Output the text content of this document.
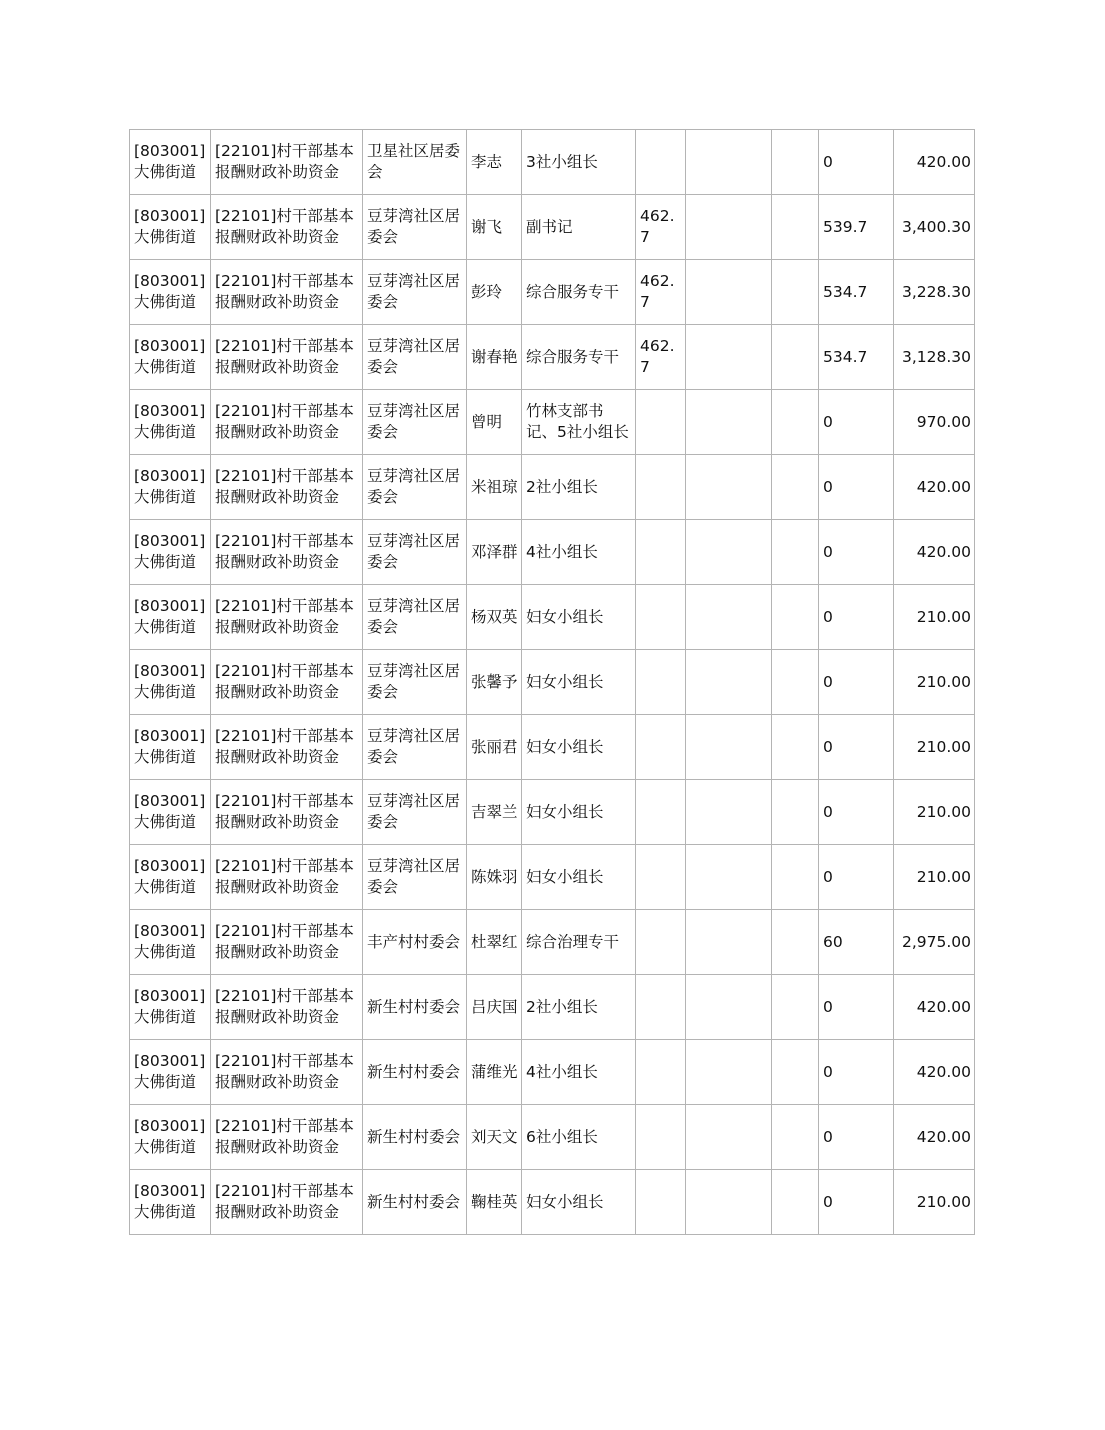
[803001]大佛街道	[22101]村干部基本报酬财政补助资金	卫星社区居委会	李志	3社小组长				0	420.00
[803001]大佛街道	[22101]村干部基本报酬财政补助资金	豆芽湾社区居委会	谢飞	副书记	462.7			539.7	3,400.30
[803001]大佛街道	[22101]村干部基本报酬财政补助资金	豆芽湾社区居委会	彭玲	综合服务专干	462.7			534.7	3,228.30
[803001]大佛街道	[22101]村干部基本报酬财政补助资金	豆芽湾社区居委会	谢春艳	综合服务专干	462.7			534.7	3,128.30
[803001]大佛街道	[22101]村干部基本报酬财政补助资金	豆芽湾社区居委会	曾明	竹林支部书记、5社小组长				0	970.00
[803001]大佛街道	[22101]村干部基本报酬财政补助资金	豆芽湾社区居委会	米祖琼	2社小组长				0	420.00
[803001]大佛街道	[22101]村干部基本报酬财政补助资金	豆芽湾社区居委会	邓泽群	4社小组长				0	420.00
[803001]大佛街道	[22101]村干部基本报酬财政补助资金	豆芽湾社区居委会	杨双英	妇女小组长				0	210.00
[803001]大佛街道	[22101]村干部基本报酬财政补助资金	豆芽湾社区居委会	张馨予	妇女小组长				0	210.00
[803001]大佛街道	[22101]村干部基本报酬财政补助资金	豆芽湾社区居委会	张丽君	妇女小组长				0	210.00
[803001]大佛街道	[22101]村干部基本报酬财政补助资金	豆芽湾社区居委会	吉翠兰	妇女小组长				0	210.00
[803001]大佛街道	[22101]村干部基本报酬财政补助资金	豆芽湾社区居委会	陈姝羽	妇女小组长				0	210.00
[803001]大佛街道	[22101]村干部基本报酬财政补助资金	丰产村村委会	杜翠红	综合治理专干				60	2,975.00
[803001]大佛街道	[22101]村干部基本报酬财政补助资金	新生村村委会	吕庆国	2社小组长				0	420.00
[803001]大佛街道	[22101]村干部基本报酬财政补助资金	新生村村委会	蒲维光	4社小组长				0	420.00
[803001]大佛街道	[22101]村干部基本报酬财政补助资金	新生村村委会	刘天文	6社小组长				0	420.00
[803001]大佛街道	[22101]村干部基本报酬财政补助资金	新生村村委会	鞠桂英	妇女小组长				0	210.00
